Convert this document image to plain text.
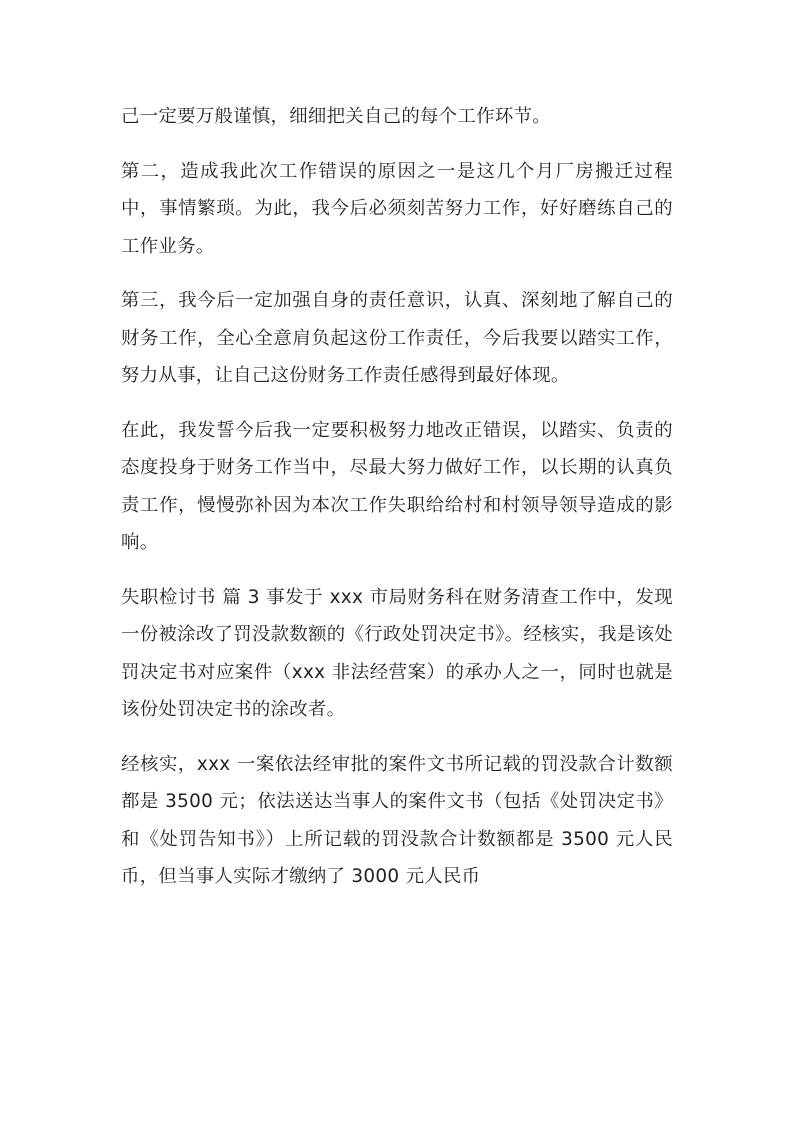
己一定要万般谨慎，细细把关自己的每个工作环节。

第二，造成我此次工作错误的原因之一是这几个月厂房搬迁过程中，事情繁琐。为此，我今后必须刻苦努力工作，好好磨练自己的工作业务。

第三，我今后一定加强自身的责任意识，认真、深刻地了解自己的财务工作，全心全意肩负起这份工作责任，今后我要以踏实工作，努力从事，让自己这份财务工作责任感得到最好体现。

在此，我发誓今后我一定要积极努力地改正错误，以踏实、负责的态度投身于财务工作当中，尽最大努力做好工作，以长期的认真负责工作，慢慢弥补因为本次工作失职给给村和村领导领导造成的影响。

失职检讨书 篇 3 事发于 xxx 市局财务科在财务清查工作中，发现一份被涂改了罚没款数额的《行政处罚决定书》。经核实，我是该处罚决定书对应案件（xxx 非法经营案）的承办人之一，同时也就是该份处罚决定书的涂改者。

经核实，xxx 一案依法经审批的案件文书所记载的罚没款合计数额都是 3500 元；依法送达当事人的案件文书（包括《处罚决定书》和《处罚告知书》）上所记载的罚没款合计数额都是 3500 元人民币，但当事人实际才缴纳了 3000 元人民币
